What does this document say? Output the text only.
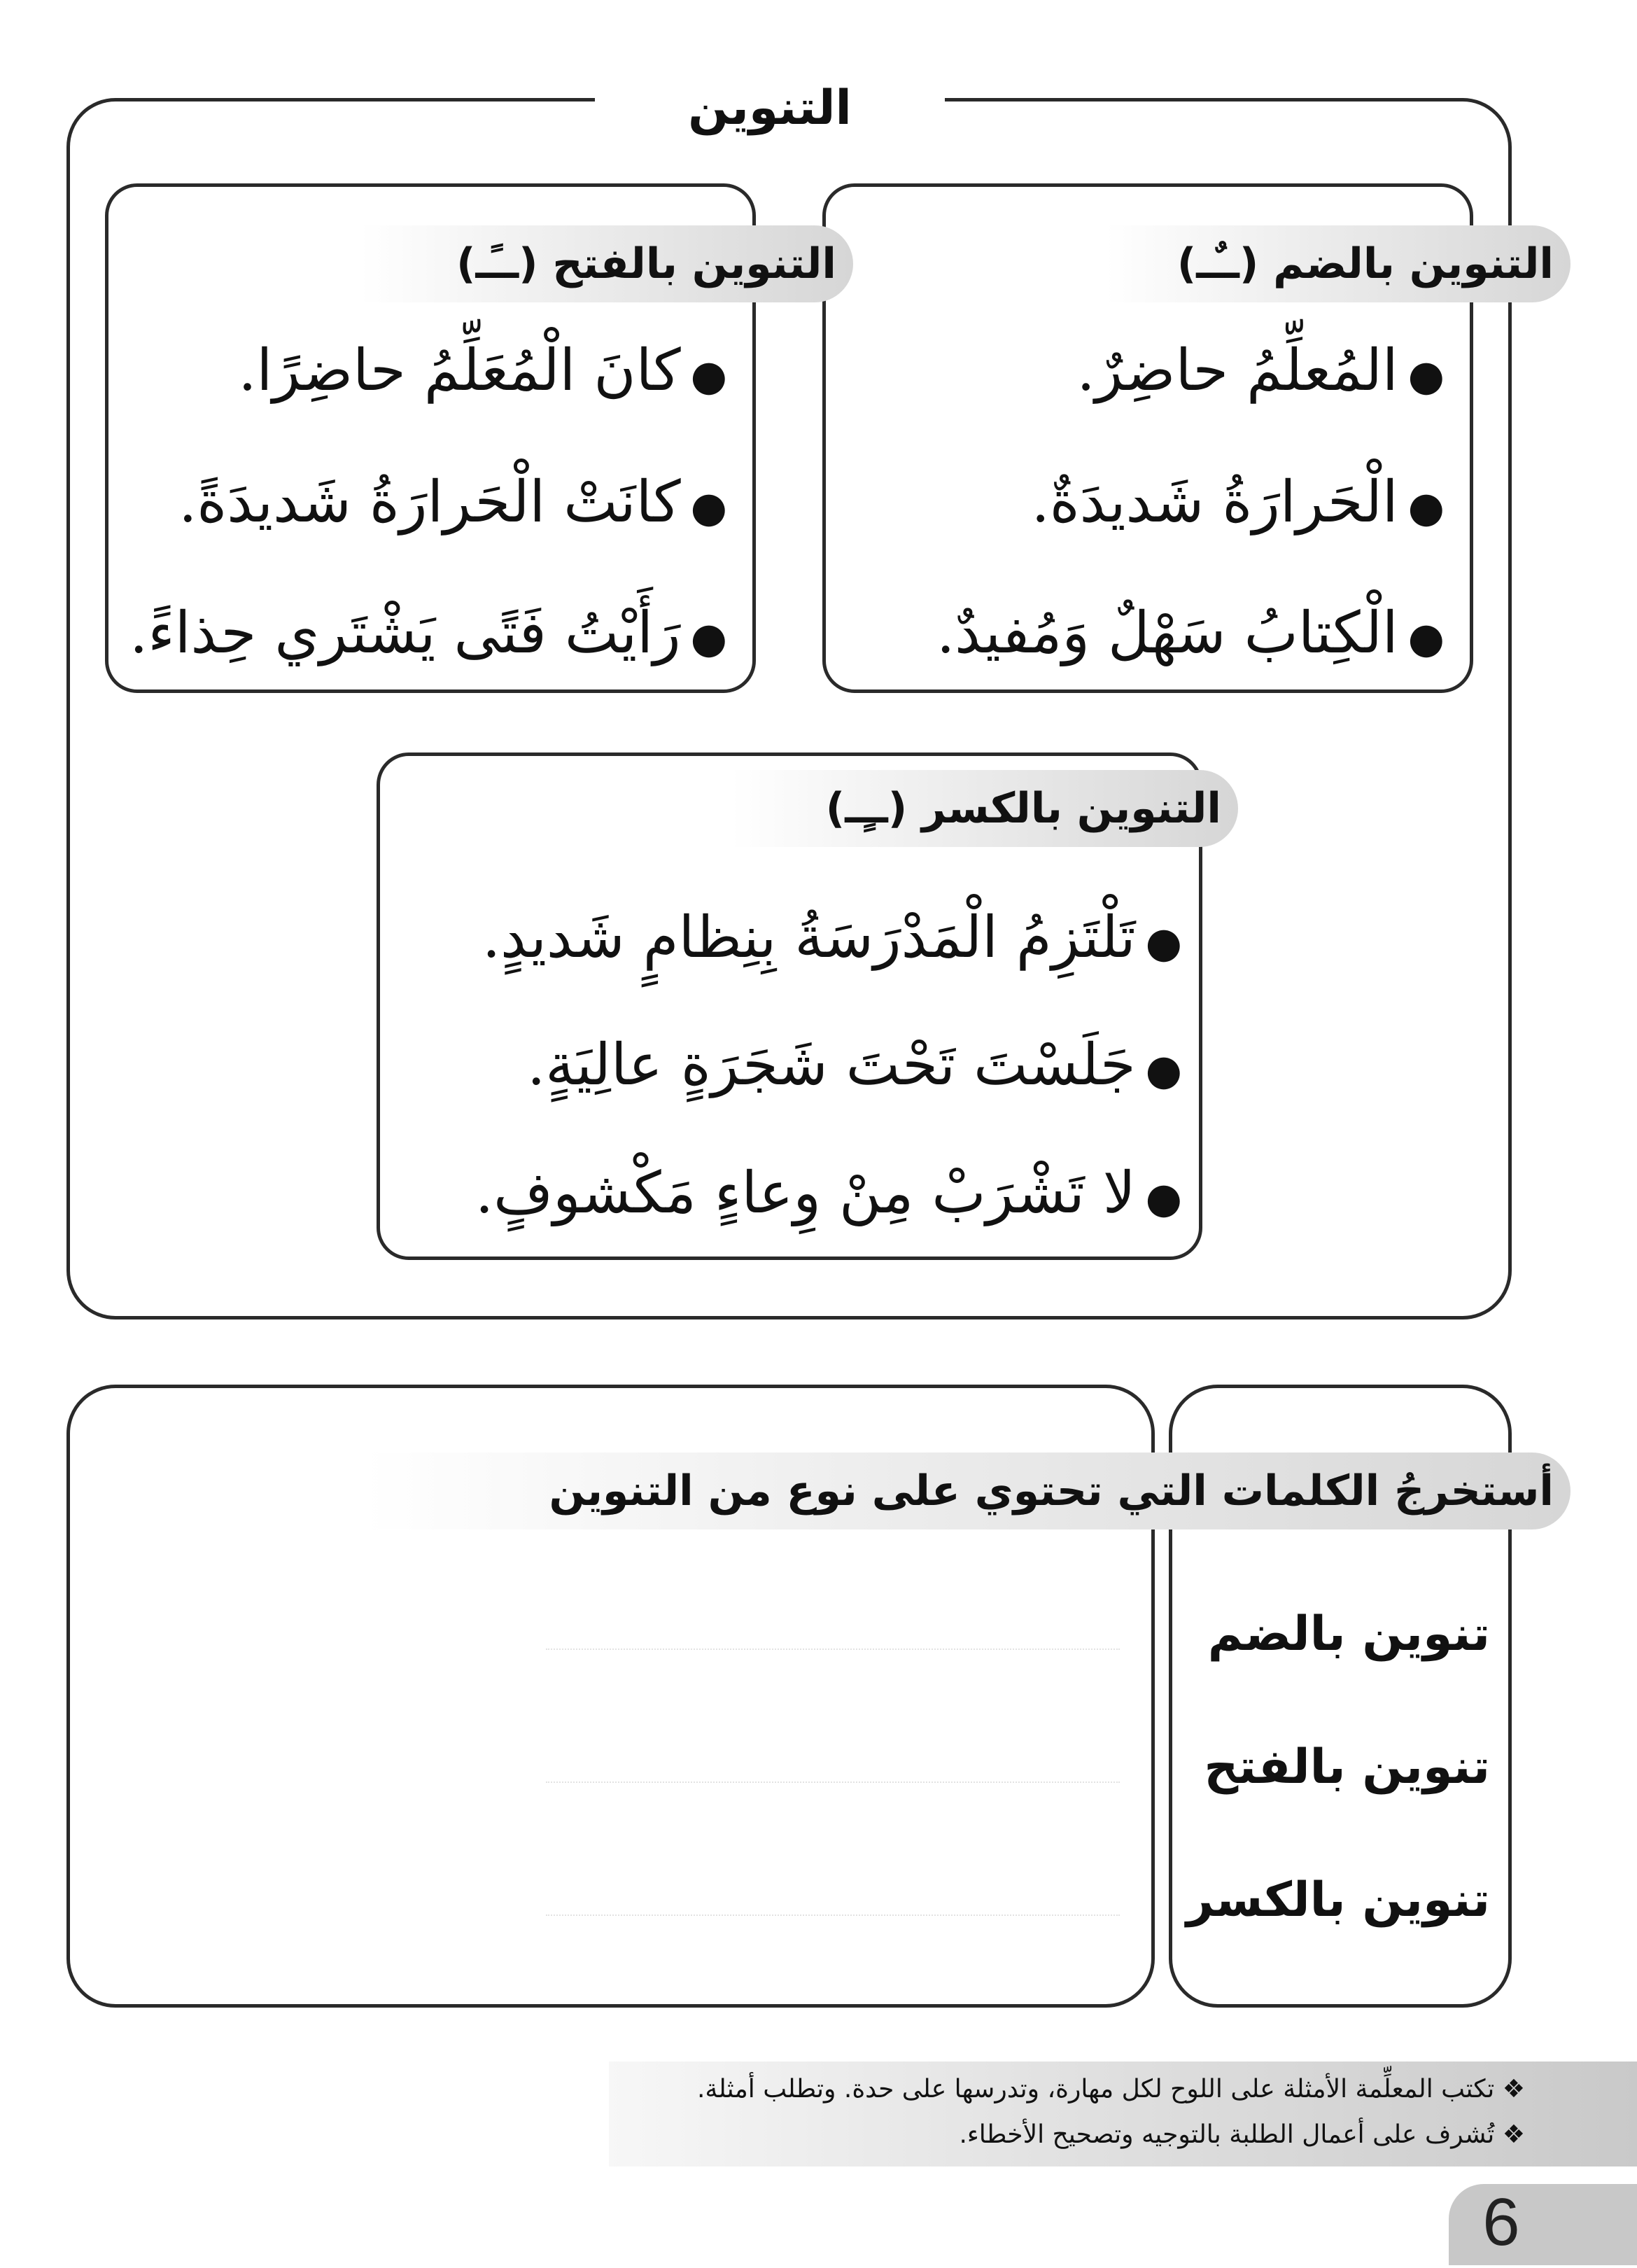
التنوين
التنوين بالضم (ــٌـ)
●المُعلِّمُ حاضِرٌ.
●الْحَرارَةُ شَديدَةٌ.
●الْكِتابُ سَهْلٌ وَمُفيدٌ.
التنوين بالفتح (ــًـ)
●كانَ الْمُعَلِّمُ حاضِرًا.
●كانَتْ الْحَرارَةُ شَديدَةً.
●رَأَيْتُ فَتًى يَشْتَري حِذاءً.
التنوين بالكسر (ــٍـ)
●تَلْتَزِمُ الْمَدْرَسَةُ بِنِظامٍ شَديدٍ.
●جَلَسْتَ تَحْتَ شَجَرَةٍ عالِيَةٍ.
●لا تَشْرَبْ مِنْ وِعاءٍ مَكْشوفٍ.
أستخرجُ الكلمات التي تحتوي على نوع من التنوين
تنوين بالضم
تنوين بالفتح
تنوين بالكسر
❖ تكتب المعلِّمة الأمثلة على اللوح لكل مهارة، وتدرسها على حدة. وتطلب أمثلة.
❖ تُشرف على أعمال الطلبة بالتوجيه وتصحيح الأخطاء.
6
